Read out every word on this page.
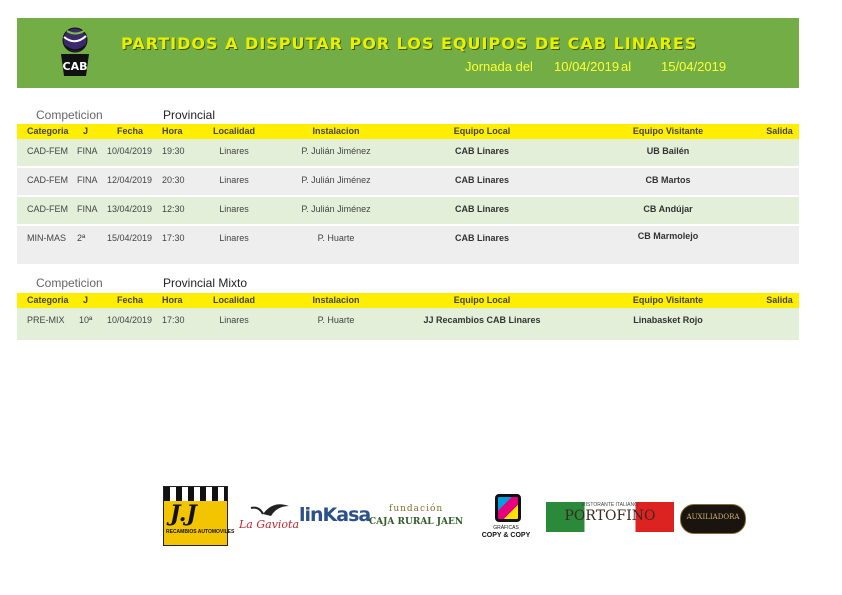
CAB
PARTIDOS A DISPUTAR POR LOS EQUIPOS DE CAB LINARES
Jornada del 10/04/2019 al 15/04/2019
Competicion	Provincial
Categoria	J	Fecha	Hora	Localidad	Instalacion	Equipo Local	Equipo Visitante	Salida
CAD-FEM FINA	10/04/2019	19:30	Linares	P. Julián Jiménez	CAB Linares	UB Bailén
CAD-FEM FINA	12/04/2019	20:30	Linares	P. Julián Jiménez	CAB Linares	CB Martos
CAD-FEM FINA	13/04/2019	12:30	Linares	P. Julián Jiménez	CAB Linares	CB Andújar
MIN-MAS	2ª	15/04/2019	17:30	Linares	P. Huarte	CAB Linares	CB Marmolejo
Competicion	Provincial Mixto
Categoria	J	Fecha	Hora	Localidad	Instalacion	Equipo Local	Equipo Visitante	Salida
PRE-MIX	10ª	10/04/2019	17:30	Linares	P. Huarte	JJ Recambios CAB Linares	Linabasket Rojo
J.J
RECAMBIOS AUTOMOVILES
La Gaviota linKasa fundación
CAJA RURAL JAEN
GRÁFICAS
COPY & COPY
RISTORANTE ITALIANO
PORTOFINO	AUXILIADORA
